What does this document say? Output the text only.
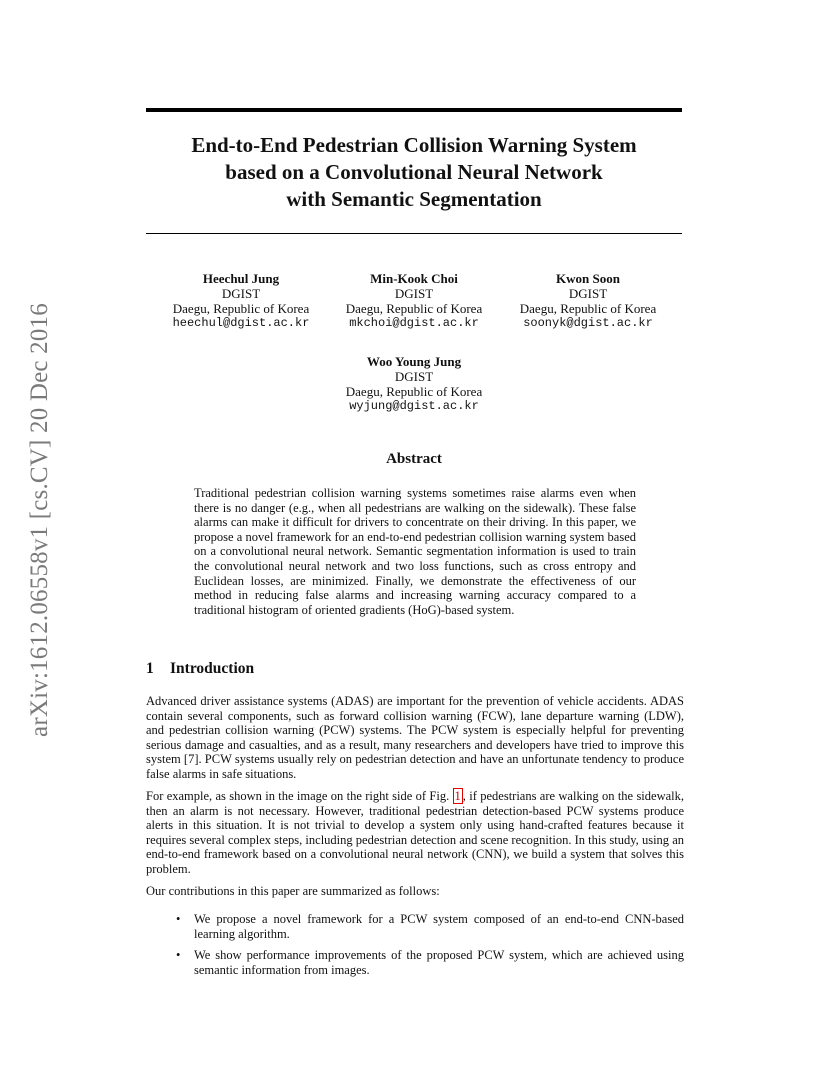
arXiv:1612.06558v1 [cs.CV] 20 Dec 2016
End-to-End Pedestrian Collision Warning System
based on a Convolutional Neural Network
with Semantic Segmentation
Heechul Jung
DGIST
Daegu, Republic of Korea
heechul@dgist.ac.kr
Min-Kook Choi
DGIST
Daegu, Republic of Korea
mkchoi@dgist.ac.kr
Kwon Soon
DGIST
Daegu, Republic of Korea
soonyk@dgist.ac.kr
Woo Young Jung
DGIST
Daegu, Republic of Korea
wyjung@dgist.ac.kr
Abstract
Traditional pedestrian collision warning systems sometimes raise alarms even when there is no danger (e.g., when all pedestrians are walking on the sidewalk). These false alarms can make it difficult for drivers to concentrate on their driving. In this paper, we propose a novel framework for an end-to-end pedestrian collision warning system based on a convolutional neural network. Semantic segmentation information is used to train the convolutional neural network and two loss functions, such as cross entropy and Euclidean losses, are minimized. Finally, we demonstrate the effectiveness of our method in reducing false alarms and increasing warning accuracy compared to a traditional histogram of oriented gradients (HoG)-based system.
1 Introduction
Advanced driver assistance systems (ADAS) are important for the prevention of vehicle accidents. ADAS contain several components, such as forward collision warning (FCW), lane departure warning (LDW), and pedestrian collision warning (PCW) systems. The PCW system is especially helpful for preventing serious damage and casualties, and as a result, many researchers and developers have tried to improve this system [7]. PCW systems usually rely on pedestrian detection and have an unfortunate tendency to produce false alarms in safe situations.
For example, as shown in the image on the right side of Fig. 1 , if pedestrians are walking on the sidewalk, then an alarm is not necessary. However, traditional pedestrian detection-based PCW systems produce alerts in this situation. It is not trivial to develop a system only using hand-crafted features because it requires several complex steps, including pedestrian detection and scene recognition. In this study, using an end-to-end framework based on a convolutional neural network (CNN), we build a system that solves this problem.
Our contributions in this paper are summarized as follows:
• We propose a novel framework for a PCW system composed of an end-to-end CNN-based learning algorithm.
• We show performance improvements of the proposed PCW system, which are achieved using semantic information from images.
